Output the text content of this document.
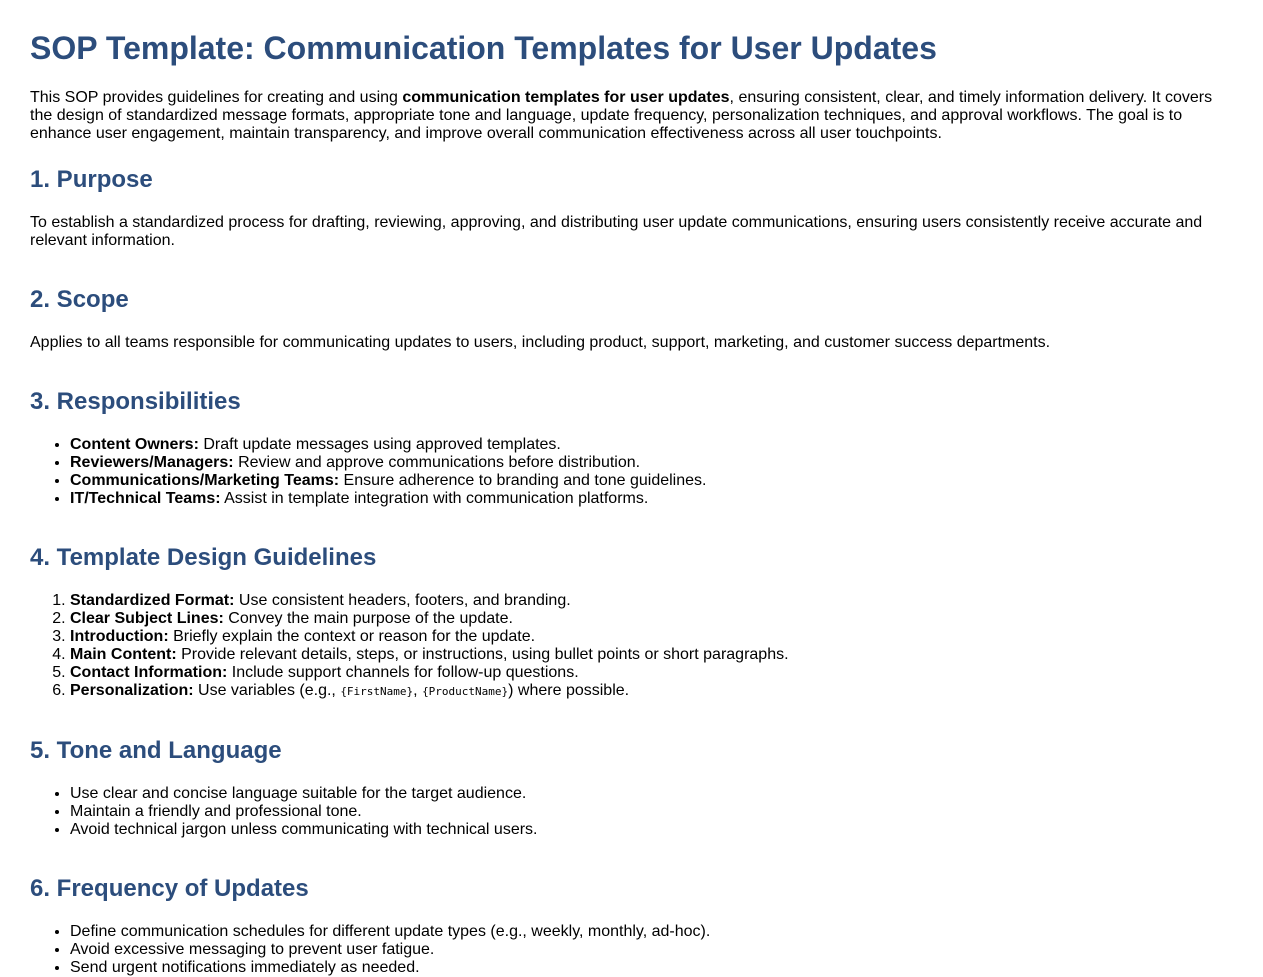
SOP Template: Communication Templates for User Updates

This SOP provides guidelines for creating and using communication templates for user updates, ensuring consistent, clear, and timely information delivery. It covers the design of standardized message formats, appropriate tone and language, update frequency, personalization techniques, and approval workflows. The goal is to enhance user engagement, maintain transparency, and improve overall communication effectiveness across all user touchpoints.

1. Purpose

To establish a standardized process for drafting, reviewing, approving, and distributing user update communications, ensuring users consistently receive accurate and relevant information.

2. Scope

Applies to all teams responsible for communicating updates to users, including product, support, marketing, and customer success departments.

3. Responsibilities
• Content Owners: Draft update messages using approved templates.
• Reviewers/Managers: Review and approve communications before distribution.
• Communications/Marketing Teams: Ensure adherence to branding and tone guidelines.
• IT/Technical Teams: Assist in template integration with communication platforms.
4. Template Design Guidelines
1. Standardized Format: Use consistent headers, footers, and branding.
2. Clear Subject Lines: Convey the main purpose of the update.
3. Introduction: Briefly explain the context or reason for the update.
4. Main Content: Provide relevant details, steps, or instructions, using bullet points or short paragraphs.
5. Contact Information: Include support channels for follow-up questions.
6. Personalization: Use variables (e.g., {FirstName}, {ProductName}) where possible.
5. Tone and Language
• Use clear and concise language suitable for the target audience.
• Maintain a friendly and professional tone.
• Avoid technical jargon unless communicating with technical users.
6. Frequency of Updates
• Define communication schedules for different update types (e.g., weekly, monthly, ad-hoc).
• Avoid excessive messaging to prevent user fatigue.
• Send urgent notifications immediately as needed.
